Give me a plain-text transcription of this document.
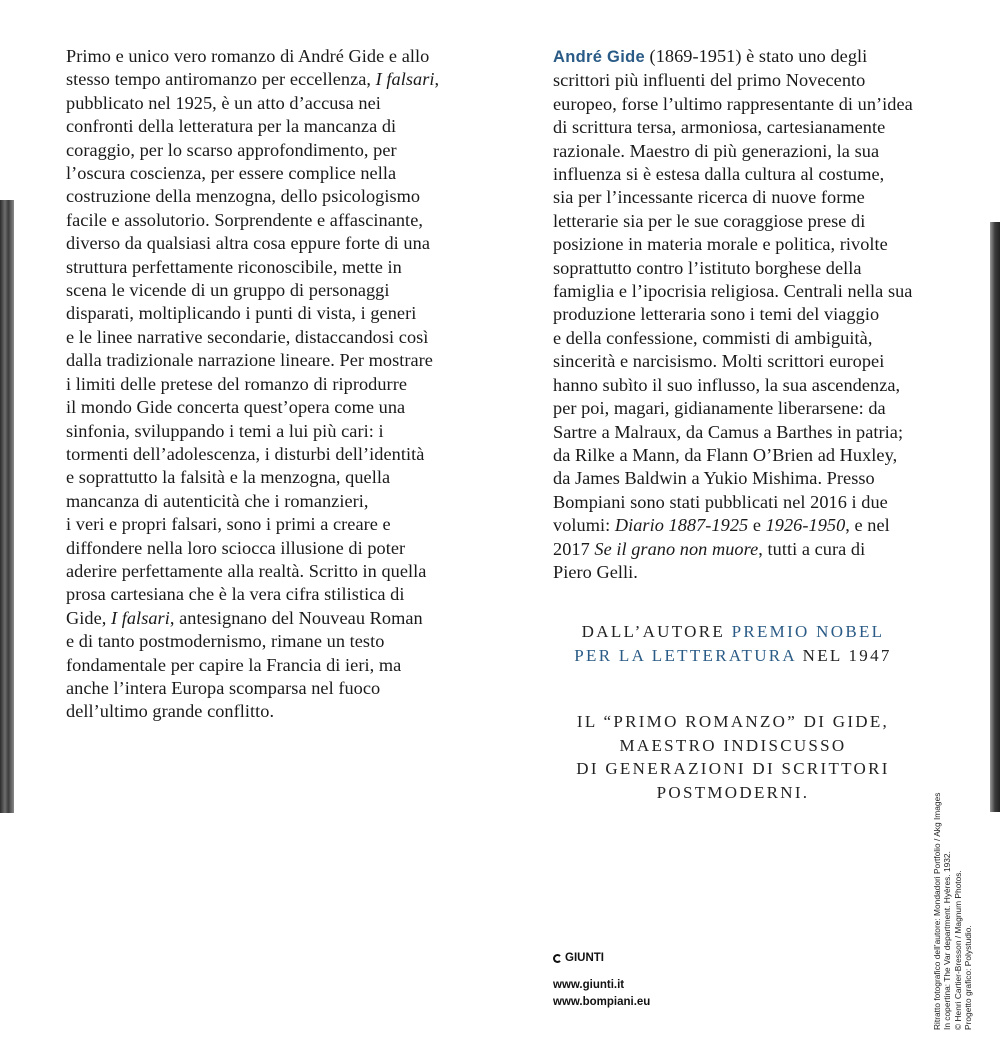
Primo e unico vero romanzo di André Gide e allo
stesso tempo antiromanzo per eccellenza, I falsari,
pubblicato nel 1925, è un atto d’accusa nei
confronti della letteratura per la mancanza di
coraggio, per lo scarso approfondimento, per
l’oscura coscienza, per essere complice nella
costruzione della menzogna, dello psicologismo
facile e assolutorio. Sorprendente e affascinante,
diverso da qualsiasi altra cosa eppure forte di una
struttura perfettamente riconoscibile, mette in
scena le vicende di un gruppo di personaggi
disparati, moltiplicando i punti di vista, i generi
e le linee narrative secondarie, distaccandosi così
dalla tradizionale narrazione lineare. Per mostrare
i limiti delle pretese del romanzo di riprodurre
il mondo Gide concerta quest’opera come una
sinfonia, sviluppando i temi a lui più cari: i
tormenti dell’adolescenza, i disturbi dell’identità
e soprattutto la falsità e la menzogna, quella
mancanza di autenticità che i romanzieri,
i veri e propri falsari, sono i primi a creare e
diffondere nella loro sciocca illusione di poter
aderire perfettamente alla realtà. Scritto in quella
prosa cartesiana che è la vera cifra stilistica di
Gide, I falsari, antesignano del Nouveau Roman
e di tanto postmodernismo, rimane un testo
fondamentale per capire la Francia di ieri, ma
anche l’intera Europa scomparsa nel fuoco
dell’ultimo grande conflitto.
André Gide (1869-1951) è stato uno degli
scrittori più influenti del primo Novecento
europeo, forse l’ultimo rappresentante di un’idea
di scrittura tersa, armoniosa, cartesianamente
razionale. Maestro di più generazioni, la sua
influenza si è estesa dalla cultura al costume,
sia per l’incessante ricerca di nuove forme
letterarie sia per le sue coraggiose prese di
posizione in materia morale e politica, rivolte
soprattutto contro l’istituto borghese della
famiglia e l’ipocrisia religiosa. Centrali nella sua
produzione letteraria sono i temi del viaggio
e della confessione, commisti di ambiguità,
sincerità e narcisismo. Molti scrittori europei
hanno subìto il suo influsso, la sua ascendenza,
per poi, magari, gidianamente liberarsene: da
Sartre a Malraux, da Camus a Barthes in patria;
da Rilke a Mann, da Flann O’Brien ad Huxley,
da James Baldwin a Yukio Mishima. Presso
Bompiani sono stati pubblicati nel 2016 i due
volumi: Diario 1887-1925 e 1926-1950, e nel
2017 Se il grano non muore, tutti a cura di
Piero Gelli.
DALL’AUTORE PREMIO NOBEL
PER LA LETTERATURA NEL 1947
IL “PRIMO ROMANZO” DI GIDE,
MAESTRO INDISCUSSO
DI GENERAZIONI DI SCRITTORI
POSTMODERNI.
GIUNTI
www.giunti.it
www.bompiani.eu	Ritratto fotografico dell’autore: Mondadori Portfolio / Akg Images In copertina: The Var department. Hyères. 1932. © Henri Cartier-Bresson / Magnum Photos. Progetto grafico: Polystudio.
